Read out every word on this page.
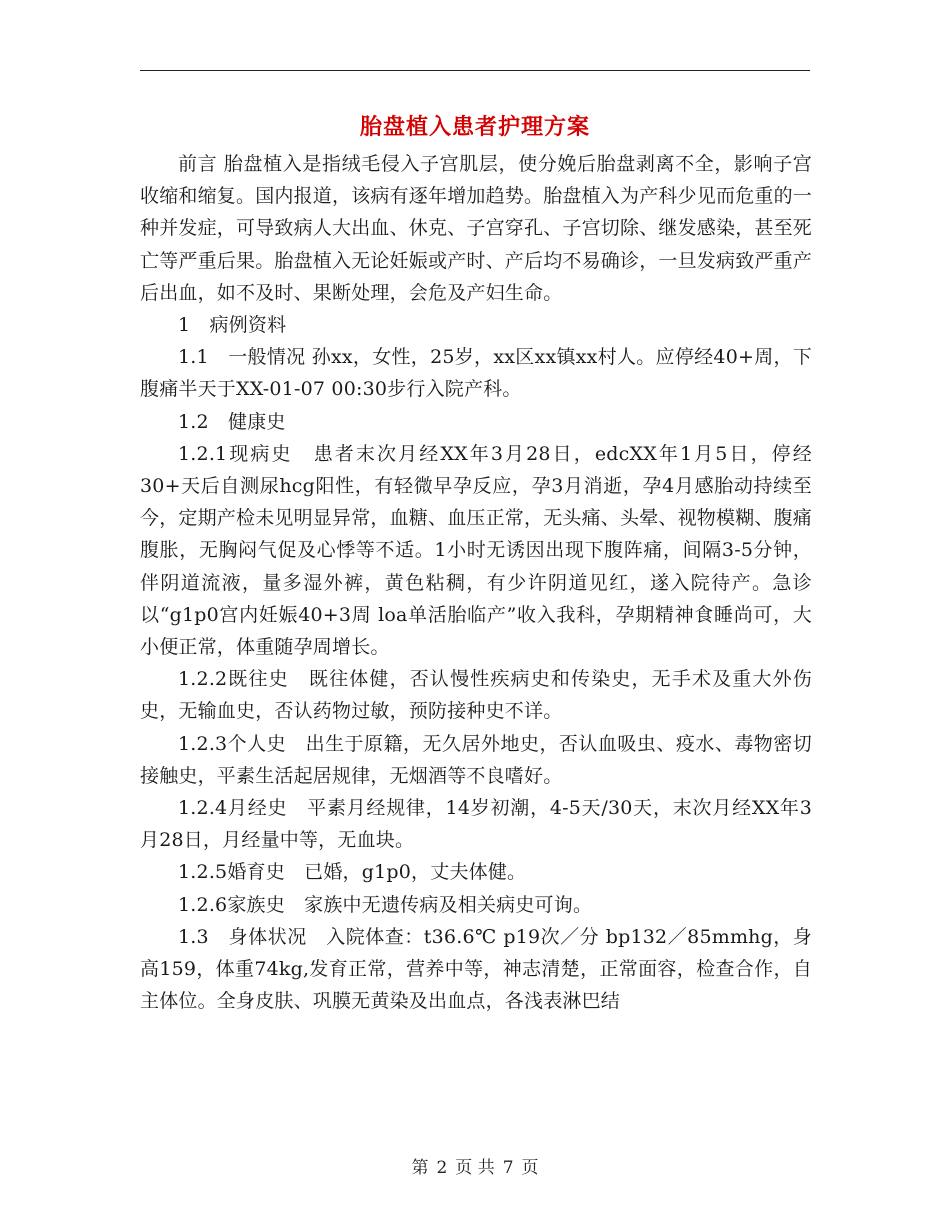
胎盘植入患者护理方案

前言 胎盘植入是指绒毛侵入子宫肌层，使分娩后胎盘剥离不全，影响子宫收缩和缩复。国内报道，该病有逐年增加趋势。胎盘植入为产科少见而危重的一种并发症，可导致病人大出血、休克、子宫穿孔、子宫切除、继发感染，甚至死亡等严重后果。胎盘植入无论妊娠或产时、产后均不易确诊，一旦发病致严重产后出血，如不及时、果断处理，会危及产妇生命。

1　病例资料

1.1　一般情况 孙xx，女性，25岁，xx区xx镇xx村人。应停经40+周，下腹痛半天于XX-01-07 00:30步行入院产科。

1.2　健康史

1.2.1现病史　患者末次月经XX年3月28日，edcXX年1月5日，停经30+天后自测尿hcg阳性，有轻微早孕反应，孕3月消逝，孕4月感胎动持续至今，定期产检未见明显异常，血糖、血压正常，无头痛、头晕、视物模糊、腹痛腹胀，无胸闷气促及心悸等不适。1小时无诱因出现下腹阵痛，间隔3-5分钟，伴阴道流液，量多湿外裤，黄色粘稠，有少许阴道见红，遂入院待产。急诊以“g1p0宫内妊娠40+3周 loa单活胎临产”收入我科，孕期精神食睡尚可，大小便正常，体重随孕周增长。

1.2.2既往史　既往体健，否认慢性疾病史和传染史，无手术及重大外伤史，无输血史，否认药物过敏，预防接种史不详。

1.2.3个人史　出生于原籍，无久居外地史，否认血吸虫、疫水、毒物密切接触史，平素生活起居规律，无烟酒等不良嗜好。

1.2.4月经史　平素月经规律，14岁初潮，4-5天/30天，末次月经XX年3月28日，月经量中等，无血块。

1.2.5婚育史　已婚，g1p0，丈夫体健。

1.2.6家族史　家族中无遗传病及相关病史可询。

1.3　身体状况　入院体查：t36.6℃ p19次／分 bp132／85mmhg，身高159，体重74kg,发育正常，营养中等，神志清楚，正常面容，检查合作，自主体位。全身皮肤、巩膜无黄染及出血点，各浅表淋巴结

第 2 页 共 7 页
